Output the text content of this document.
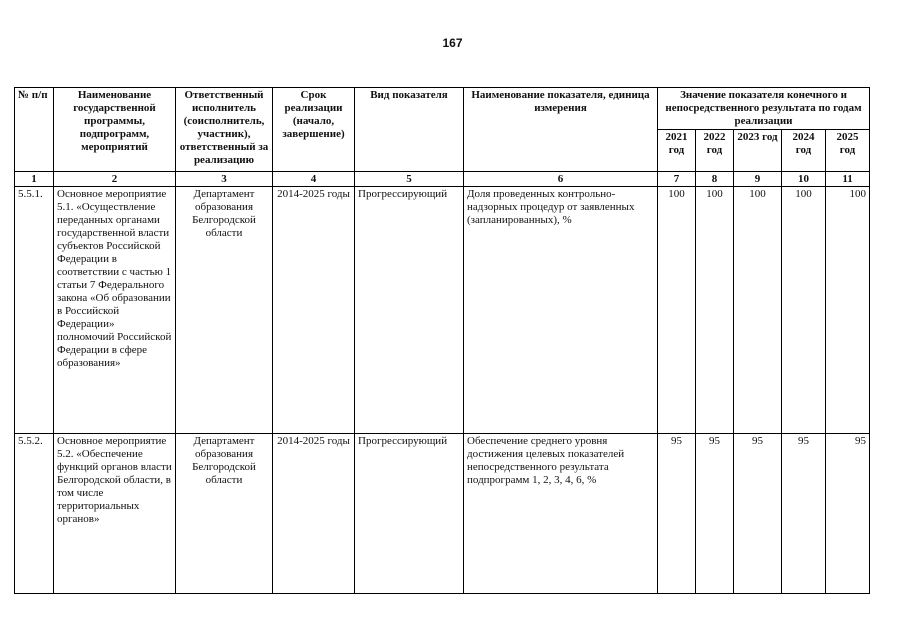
167
№ п/п	Наименование государственной программы, подпрограмм, мероприятий	Ответственный исполнитель (соисполнитель, участник), ответственный за реализацию	Срок реализации (начало, завершение)	Вид показателя	Наименование показателя, единица измерения	Значение показателя конечного и непосредственного результата по годам реализации				
						2021 год	2022 год	2023 год	2024 год	2025 год
1	2	3	4	5	6	7	8	9	10	11
5.5.1.	Основное мероприятие 5.1. «Осуществление переданных органами государственной власти субъектов Российской Федерации в соответствии с частью 1 статьи 7 Федерального закона «Об образовании в Российской Федерации» полномочий Российской Федерации в сфере образования»	Департамент образования Белгородской области	2014-2025 годы	Прогрессирующий	Доля проведенных контрольно-надзорных процедур от заявленных (запланированных), %	100	100	100	100	100
5.5.2.	Основное мероприятие 5.2. «Обеспечение функций органов власти Белгородской области, в том числе территориальных органов»	Департамент образования Белгородской области	2014-2025 годы	Прогрессирующий	Обеспечение среднего уровня достижения целевых показателей непосредственного результата подпрограмм 1, 2, 3, 4, 6, %	95	95	95	95	95
